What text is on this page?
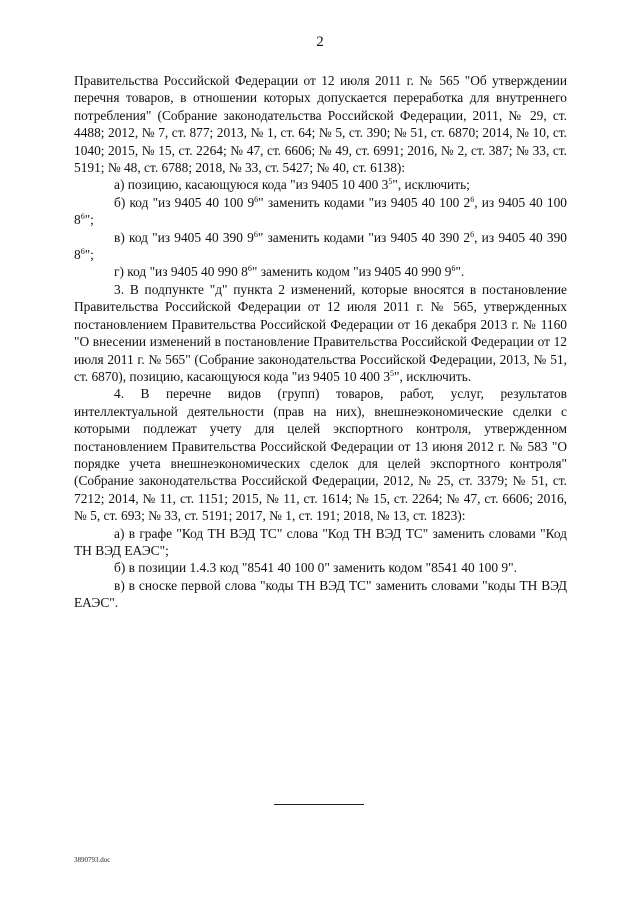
2

Правительства Российской Федерации от 12 июля 2011 г. № 565 "Об утверждении перечня товаров, в отношении которых допускается переработка для внутреннего потребления" (Собрание законодательства Российской Федерации, 2011, № 29, ст. 4488; 2012, № 7, ст. 877; 2013, № 1, ст. 64; № 5, ст. 390; № 51, ст. 6870; 2014, № 10, ст. 1040; 2015, № 15, ст. 2264; № 47, ст. 6606; № 49, ст. 6991; 2016, № 2, ст. 387; № 33, ст. 5191; № 48, ст. 6788; 2018, № 33, ст. 5427; № 40, ст. 6138):

а) позицию, касающуюся кода "из 9405 10 400 $3^5$", исключить;

б) код "из 9405 40 100 $9^6$" заменить кодами "из 9405 40 100 $2^6$, из 9405 40 100 $8^6$";

в) код "из 9405 40 390 $9^6$" заменить кодами "из 9405 40 390 $2^6$, из 9405 40 390 $8^6$";

г) код "из 9405 40 990 $8^6$" заменить кодом "из 9405 40 990 $9^6$".

3. В подпункте "д" пункта 2 изменений, которые вносятся в постановление Правительства Российской Федерации от 12 июля 2011 г. № 565, утвержденных постановлением Правительства Российской Федерации от 16 декабря 2013 г. № 1160 "О внесении изменений в постановление Правительства Российской Федерации от 12 июля 2011 г. № 565" (Собрание законодательства Российской Федерации, 2013, № 51, ст. 6870), позицию, касающуюся кода "из 9405 10 400 $3^5$", исключить.

4. В перечне видов (групп) товаров, работ, услуг, результатов интеллектуальной деятельности (прав на них), внешнеэкономические сделки с которыми подлежат учету для целей экспортного контроля, утвержденном постановлением Правительства Российской Федерации от 13 июня 2012 г. № 583 "О порядке учета внешнеэкономических сделок для целей экспортного контроля" (Собрание законодательства Российской Федерации, 2012, № 25, ст. 3379; № 51, ст. 7212; 2014, № 11, ст. 1151; 2015, № 11, ст. 1614; № 15, ст. 2264; № 47, ст. 6606; 2016, № 5, ст. 693; № 33, ст. 5191; 2017, № 1, ст. 191; 2018, № 13, ст. 1823):

а) в графе "Код ТН ВЭД ТС" слова "Код ТН ВЭД ТС" заменить словами "Код ТН ВЭД ЕАЭС";

б) в позиции 1.4.3 код "8541 40 100 0" заменить кодом "8541 40 100 9".

в) в сноске первой слова "коды ТН ВЭД ТС" заменить словами "коды ТН ВЭД ЕАЭС".

3890793.doc
